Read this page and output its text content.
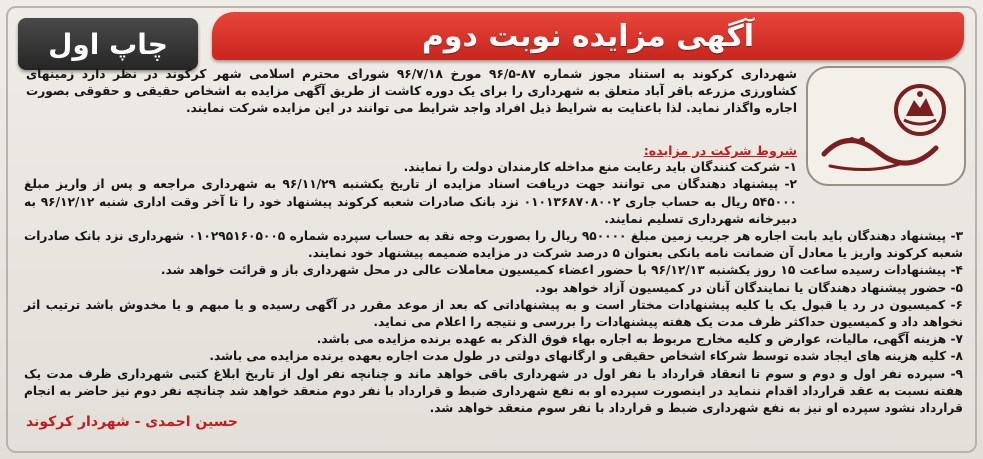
چاپ اول	آگهی مزایده نوبت دوم
شهرداری کرکوند به استناد مجوز شماره ۸۷-۹۶/۵ مورخ ۹۶/۷/۱۸ شورای محترم اسلامی شهر کرکوند در نظر دارد زمینهای کشاورزی مزرعه باقر آباد متعلق به شهرداری را برای یک دوره کاشت از طریق آگهی مزایده به اشخاص حقیقی و حقوقی بصورت اجاره واگذار نماید. لذا باعنایت به شرایط ذیل افراد واجد شرایط می توانند در این مزایده شرکت نمایند.
شروط شرکت در مزایده:
۱- شرکت کنندگان باید رعایت منع مداخله کارمندان دولت را نمایند.
۲- پیشنهاد دهندگان می توانند جهت دریافت اسناد مزایده از تاریخ یکشنبه ۹۶/۱۱/۲۹ به شهرداری مراجعه و پس از واریز مبلغ ۵۴۵۰۰۰ ریال به حساب جاری ۰۱۰۱۳۶۸۷۰۸۰۰۲ نزد بانک صادرات شعبه کرکوند پیشنهاد خود را تا آخر وقت اداری شنبه ۹۶/۱۲/۱۲ به دبیرخانه شهرداری تسلیم نمایند.
۳- پیشنهاد دهندگان باید بابت اجاره هر جریب زمین مبلغ ۹۵۰۰۰۰ ریال را بصورت وجه نقد به حساب سپرده شماره ۰۱۰۲۹۵۱۶۰۵۰۰۵ شهرداری نزد بانک صادرات شعبه کرکوند واریز یا معادل آن ضمانت نامه بانکی بعنوان ۵ درصد شرکت در مزایده ضمیمه پیشنهاد خود نمایند.
۴- پیشنهادات رسیده ساعت ۱۵ روز یکشنبه ۹۶/۱۲/۱۳ با حضور اعضاء کمیسیون معاملات عالی در محل شهرداری باز و قرائت خواهد شد.
۵- حضور پیشنهاد دهندگان یا نمایندگان آنان در کمیسیون آزاد خواهد بود.
۶- کمیسیون در رد یا قبول یک یا کلیه پیشنهادات مختار است و به پیشنهاداتی که بعد از موعد مقرر در آگهی رسیده و یا مبهم و یا مخدوش باشد ترتیب اثر نخواهد داد و کمیسیون حداکثر ظرف مدت یک هفته پیشنهادات را بررسی و نتیجه را اعلام می نماید.
۷- هزینه آگهی، مالیات، عوارض و کلیه مخارج مربوط به اجاره بهاء فوق الذکر به عهده برنده مزایده می باشد.
۸- کلیه هزینه های ایجاد شده توسط شرکاء اشخاص حقیقی و ارگانهای دولتی در طول مدت اجاره بعهده برنده مزایده می باشد.
۹- سپرده نفر اول و دوم و سوم تا انعقاد قرارداد با نفر اول در شهرداری باقی خواهد ماند و چنانچه نفر اول از تاریخ ابلاغ کتبی شهرداری ظرف مدت یک هفته نسبت به عقد قرارداد اقدام ننماید در اینصورت سپرده او به نفع شهرداری ضبط و قرارداد با نفر دوم منعقد خواهد شد چنانچه نفر دوم نیز حاضر به انجام قرارداد نشود سپرده او نیز به نفع شهرداری ضبط و قرارداد با نفر سوم منعقد خواهد شد.
حسین احمدی - شهردار کرکوند
